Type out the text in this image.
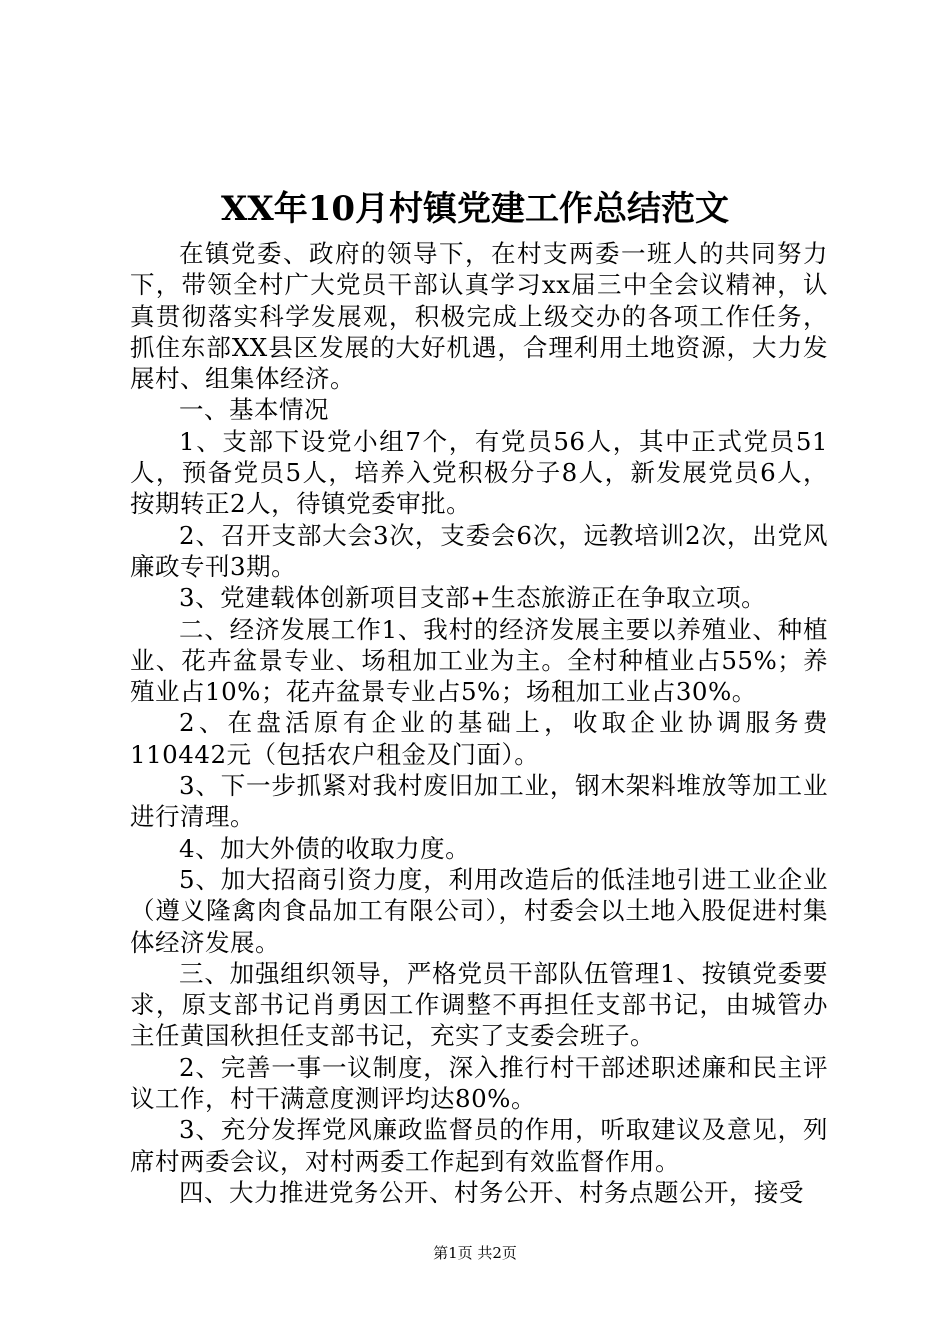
XX年10月村镇党建工作总结范文

在镇党委、政府的领导下，在村支两委一班人的共同努力下，带领全村广大党员干部认真学习xx届三中全会议精神，认真贯彻落实科学发展观，积极完成上级交办的各项工作任务，抓住东部XX县区发展的大好机遇，合理利用土地资源，大力发展村、组集体经济。

一、基本情况

1、支部下设党小组7个，有党员56人，其中正式党员51人，预备党员5人，培养入党积极分子8人，新发展党员6人，按期转正2人，待镇党委审批。

2、召开支部大会3次，支委会6次，远教培训2次，出党风廉政专刊3期。

3、党建载体创新项目支部+生态旅游正在争取立项。

二、经济发展工作1、我村的经济发展主要以养殖业、种植业、花卉盆景专业、场租加工业为主。全村种植业占55%；养殖业占10%；花卉盆景专业占5%；场租加工业占30%。

2、在盘活原有企业的基础上，收取企业协调服务费110442元（包括农户租金及门面）。

3、下一步抓紧对我村废旧加工业，钢木架料堆放等加工业进行清理。

4、加大外债的收取力度。

5、加大招商引资力度，利用改造后的低洼地引进工业企业（遵义隆禽肉食品加工有限公司），村委会以土地入股促进村集体经济发展。

三、加强组织领导，严格党员干部队伍管理1、按镇党委要求，原支部书记肖勇因工作调整不再担任支部书记，由城管办主任黄国秋担任支部书记，充实了支委会班子。

2、完善一事一议制度，深入推行村干部述职述廉和民主评议工作，村干满意度测评均达80%。

3、充分发挥党风廉政监督员的作用，听取建议及意见，列席村两委会议，对村两委工作起到有效监督作用。

四、大力推进党务公开、村务公开、村务点题公开，接受

第1页 共2页
